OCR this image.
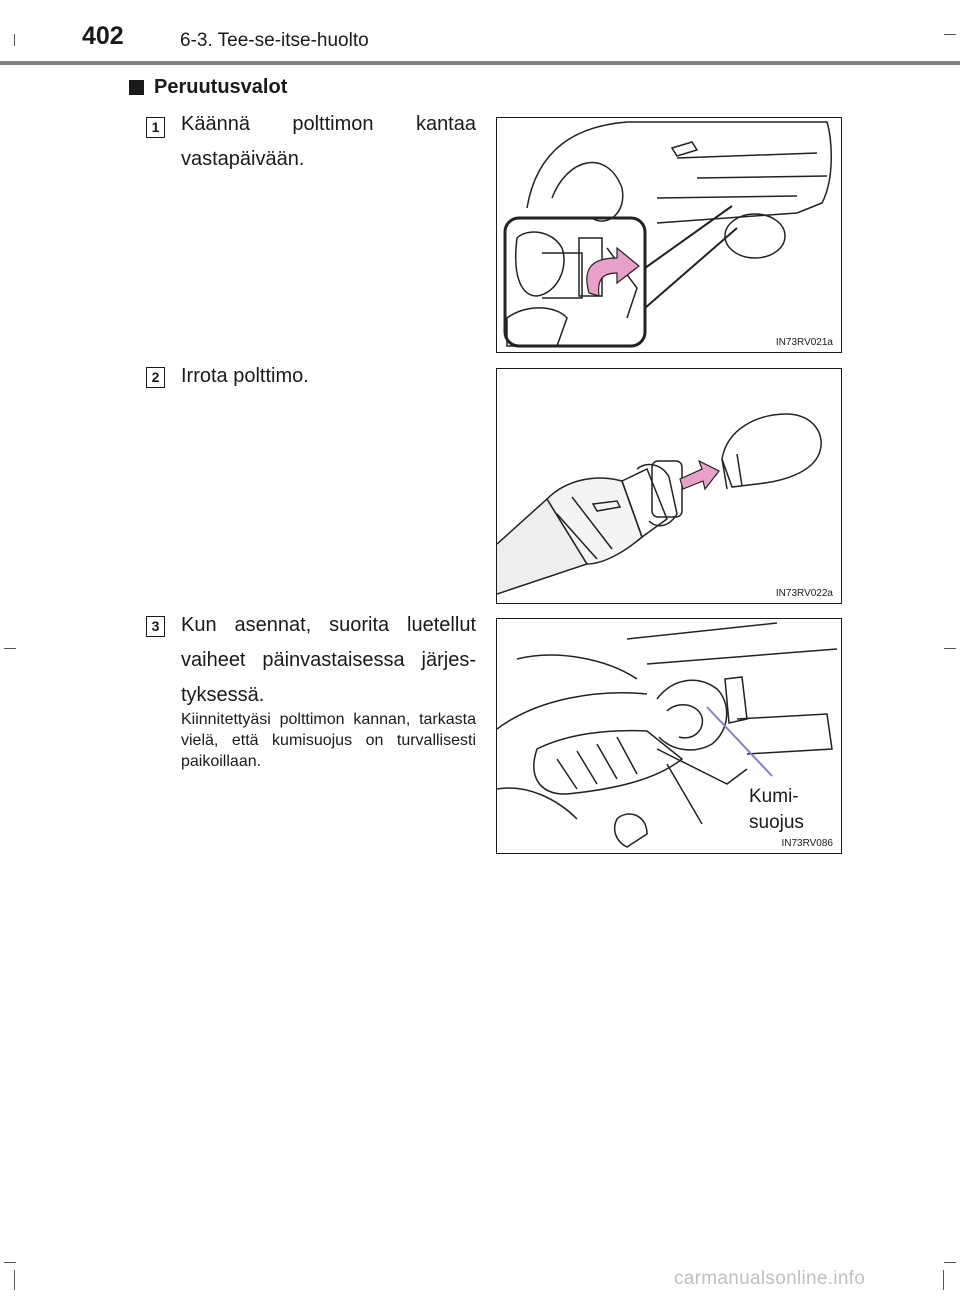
402	6-3. Tee-se-itse-huolto
Peruutusvalot
1 Käännä polttimon kantaa vastapäivään.
IN73RV021a
2 Irrota polttimo.
IN73RV022a
3 Kun asennat, suorita luetellut vaiheet päinvastaisessa järjes-tyksessä.
Kiinnitettyäsi polttimon kannan, tarkasta vielä, että kumisuojus on turvallisesti paikoillaan.
Kumi-
suojus
IN73RV086
carmanualsonline.info
